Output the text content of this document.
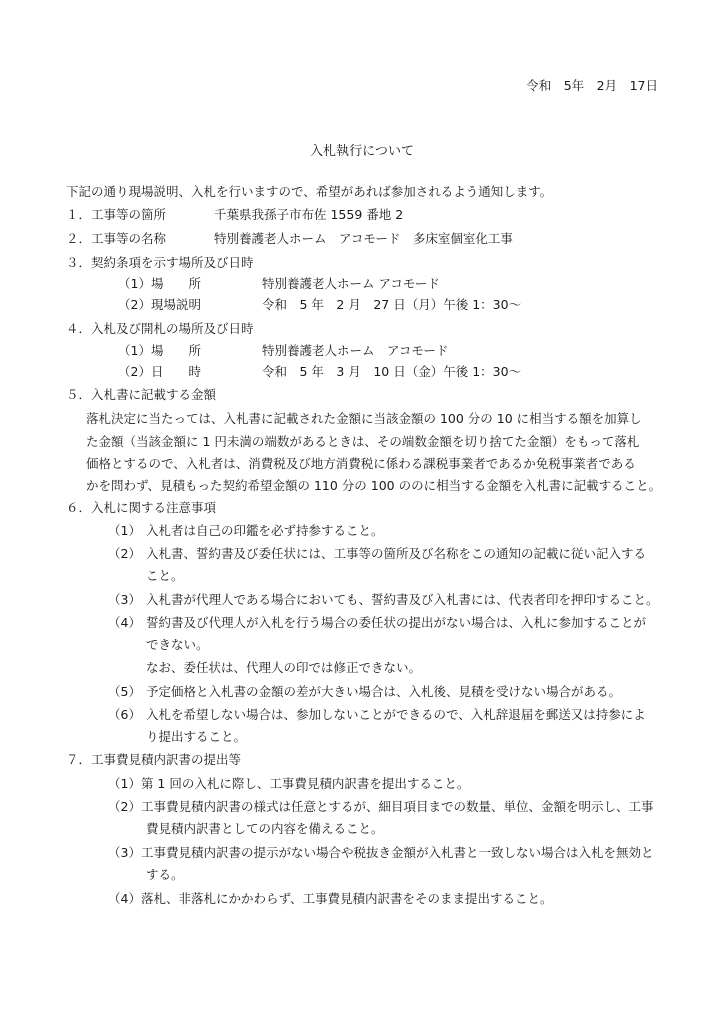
令和　5年　2月　17日
入札執行について
下記の通り現場説明、入札を行いますので、希望があれば参加されるよう通知します。
１．工事等の箇所	千葉県我孫子市布佐 1559 番地 2
２．工事等の名称	特別養護老人ホーム　アコモード　多床室個室化工事
３．契約条項を示す場所及び日時
（1）場　　所	特別養護老人ホーム アコモード
（2）現場説明	令和　5 年　2 月　27 日（月）午後 1：30～
４．入札及び開札の場所及び日時
（1）場　　所	特別養護老人ホーム　アコモード
（2）日　　時	令和　5 年　3 月　10 日（金）午後 1：30～
５．入札書に記載する金額
落札決定に当たっては、入札書に記載された金額に当該金額の 100 分の 10 に相当する額を加算し
た金額（当該金額に 1 円未満の端数があるときは、その端数金額を切り捨てた金額）をもって落札
価格とするので、入札者は、消費税及び地方消費税に係わる課税事業者であるか免税事業者である
かを問わず、見積もった契約希望金額の 110 分の 100 ののに相当する金額を入札書に記載すること。
６．入札に関する注意事項
（1） 入札者は自己の印鑑を必ず持参すること。
（2） 入札書、誓約書及び委任状には、工事等の箇所及び名称をこの通知の記載に従い記入する
こと。
（3） 入札書が代理人である場合においても、誓約書及び入札書には、代表者印を押印すること。
（4） 誓約書及び代理人が入札を行う場合の委任状の提出がない場合は、入札に参加することが
できない。
なお、委任状は、代理人の印では修正できない。
（5） 予定価格と入札書の金額の差が大きい場合は、入札後、見積を受けない場合がある。
（6） 入札を希望しない場合は、参加しないことができるので、入札辞退届を郵送又は持参によ
り提出すること。
７．工事費見積内訳書の提出等
（1）第 1 回の入札に際し、工事費見積内訳書を提出すること。
（2）工事費見積内訳書の様式は任意とするが、細目項目までの数量、単位、金額を明示し、工事
費見積内訳書としての内容を備えること。
（3）工事費見積内訳書の提示がない場合や税抜き金額が入札書と一致しない場合は入札を無効と
する。
（4）落札、非落札にかかわらず、工事費見積内訳書をそのまま提出すること。
